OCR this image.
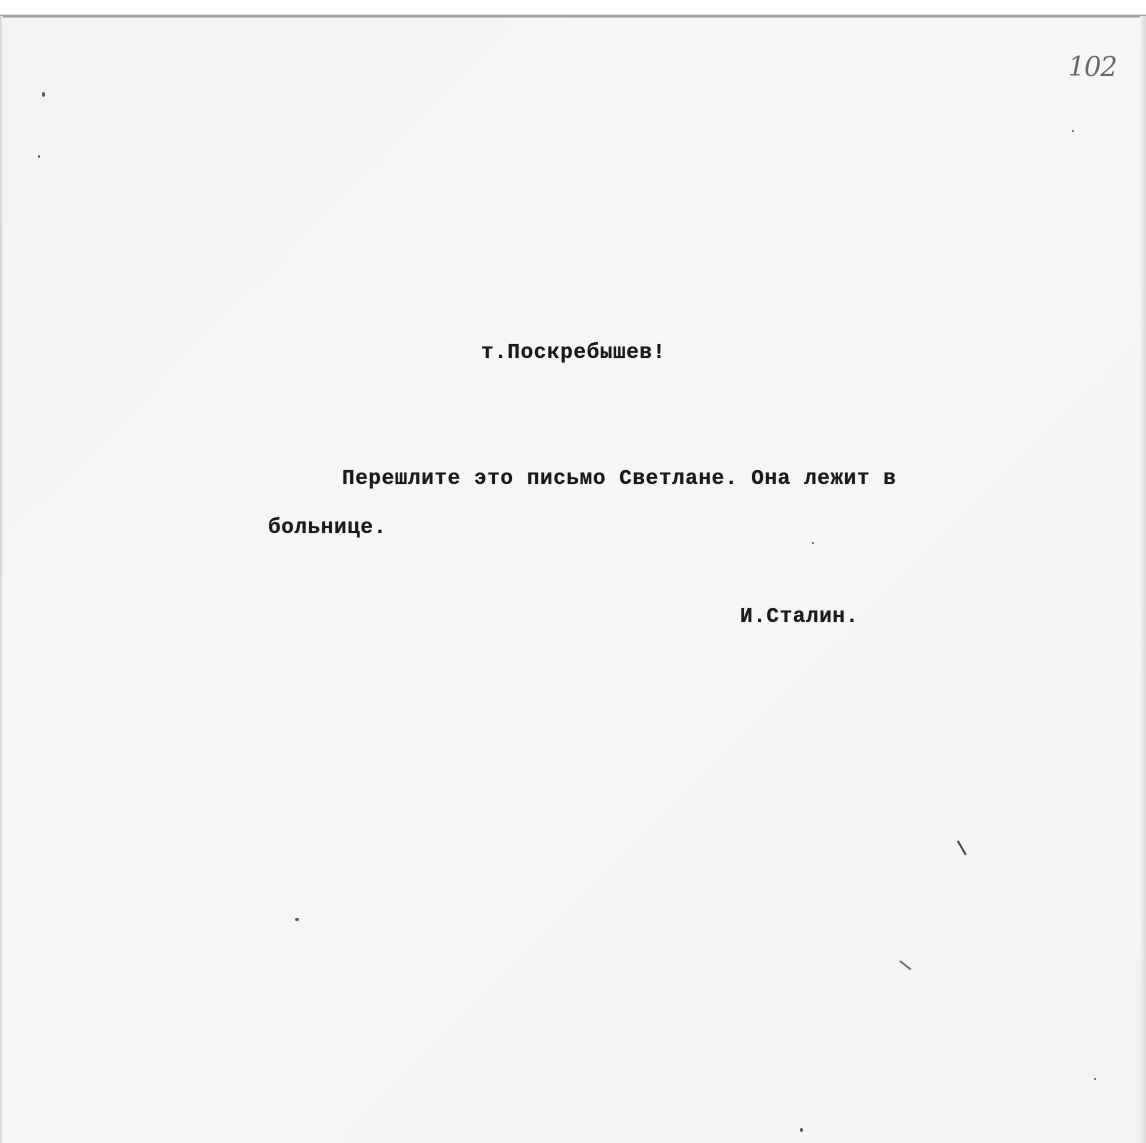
102
т.Поскребышев!
Перешлите это письмо Светлане. Она лежит в
больнице.
И.Сталин.
